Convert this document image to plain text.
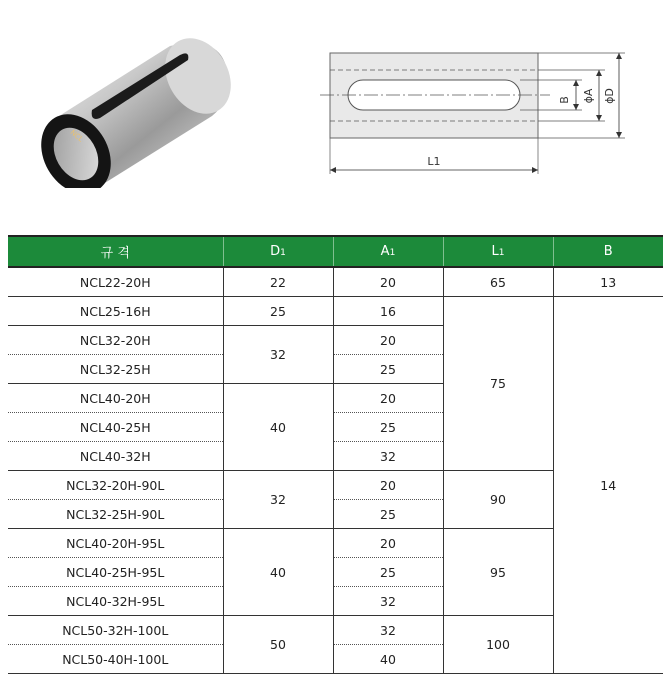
NCL
B ϕA ϕD
L1
규 격	D1	A1	L1	B
NCL22-20H	22	20	65	13
NCL25-16H	25	16	75	14
NCL32-20H	32	20		
NCL32-25H		25		
NCL40-20H	40	20		
NCL40-25H		25		
NCL40-32H		32		
NCL32-20H-90L	32	20	90	
NCL32-25H-90L		25		
NCL40-20H-95L	40	20	95	
NCL40-25H-95L		25		
NCL40-32H-95L		32		
NCL50-32H-100L	50	32	100	
NCL50-40H-100L		40		
